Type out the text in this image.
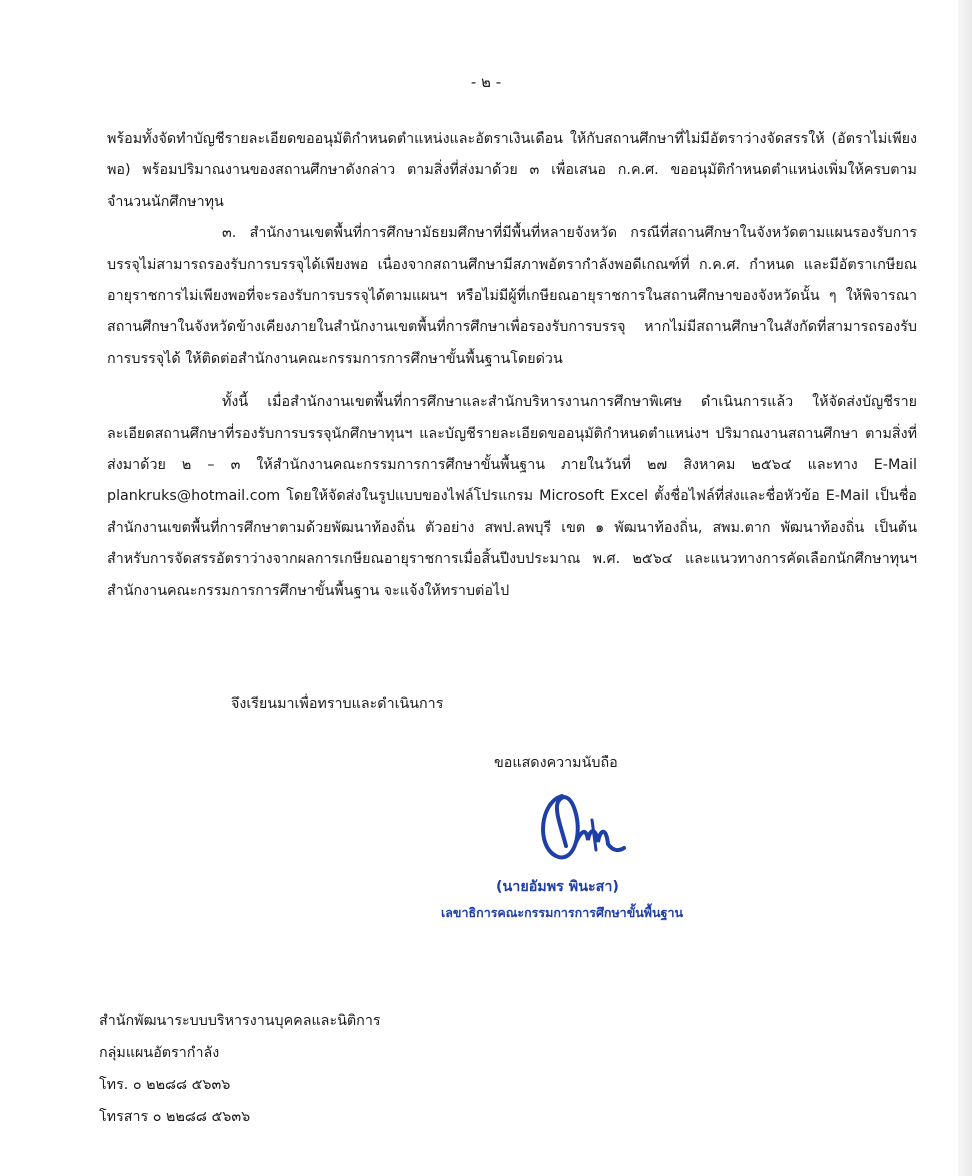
- ๒ -

พร้อมทั้งจัดทำบัญชีรายละเอียดขออนุมัติกำหนดตำแหน่งและอัตราเงินเดือน ให้กับสถานศึกษาที่ไม่มีอัตราว่างจัดสรรให้ (อัตราไม่เพียงพอ) พร้อมปริมาณงานของสถานศึกษาดังกล่าว ตามสิ่งที่ส่งมาด้วย ๓ เพื่อเสนอ ก.ค.ศ. ขออนุมัติกำหนดตำแหน่งเพิ่มให้ครบตามจำนวนนักศึกษาทุน

๓. สำนักงานเขตพื้นที่การศึกษามัธยมศึกษาที่มีพื้นที่หลายจังหวัด กรณีที่สถานศึกษาในจังหวัดตามแผนรองรับการบรรจุไม่สามารถรองรับการบรรจุได้เพียงพอ เนื่องจากสถานศึกษามีสภาพอัตรากำลังพอดีเกณฑ์ที่ ก.ค.ศ. กำหนด และมีอัตราเกษียณอายุราชการไม่เพียงพอที่จะรองรับการบรรจุได้ตามแผนฯ หรือไม่มีผู้ที่เกษียณอายุราชการในสถานศึกษาของจังหวัดนั้น ๆ ให้พิจารณาสถานศึกษาในจังหวัดข้างเคียงภายในสำนักงานเขตพื้นที่การศึกษาเพื่อรองรับการบรรจุ หากไม่มีสถานศึกษาในสังกัดที่สามารถรองรับการบรรจุได้ ให้ติดต่อสำนักงานคณะกรรมการการศึกษาขั้นพื้นฐานโดยด่วน

ทั้งนี้ เมื่อสำนักงานเขตพื้นที่การศึกษาและสำนักบริหารงานการศึกษาพิเศษ ดำเนินการแล้ว ให้จัดส่งบัญชีรายละเอียดสถานศึกษาที่รองรับการบรรจุนักศึกษาทุนฯ และบัญชีรายละเอียดขออนุมัติกำหนดตำแหน่งฯ ปริมาณงานสถานศึกษา ตามสิ่งที่ส่งมาด้วย ๒ – ๓ ให้สำนักงานคณะกรรมการการศึกษาขั้นพื้นฐาน ภายในวันที่ ๒๗ สิงหาคม ๒๕๖๔ และทาง E-Mail plankruks@hotmail.com โดยให้จัดส่งในรูปแบบของไฟล์โปรแกรม Microsoft Excel ตั้งชื่อไฟล์ที่ส่งและชื่อหัวข้อ E-Mail เป็นชื่อสำนักงานเขตพื้นที่การศึกษาตามด้วยพัฒนาท้องถิ่น ตัวอย่าง สพป.ลพบุรี เขต ๑ พัฒนาท้องถิ่น, สพม.ตาก พัฒนาท้องถิ่น เป็นต้น สำหรับการจัดสรรอัตราว่างจากผลการเกษียณอายุราชการเมื่อสิ้นปีงบประมาณ พ.ศ. ๒๕๖๔ และแนวทางการคัดเลือกนักศึกษาทุนฯ สำนักงานคณะกรรมการการศึกษาขั้นพื้นฐาน จะแจ้งให้ทราบต่อไป

จึงเรียนมาเพื่อทราบและดำเนินการ
ขอแสดงความนับถือ
(นายอัมพร พินะสา)
เลขาธิการคณะกรรมการการศึกษาขั้นพื้นฐาน
สำนักพัฒนาระบบบริหารงานบุคคลและนิติการ
กลุ่มแผนอัตรากำลัง
โทร. ๐ ๒๒๘๘ ๕๖๓๖
โทรสาร ๐ ๒๒๘๘ ๕๖๓๖
